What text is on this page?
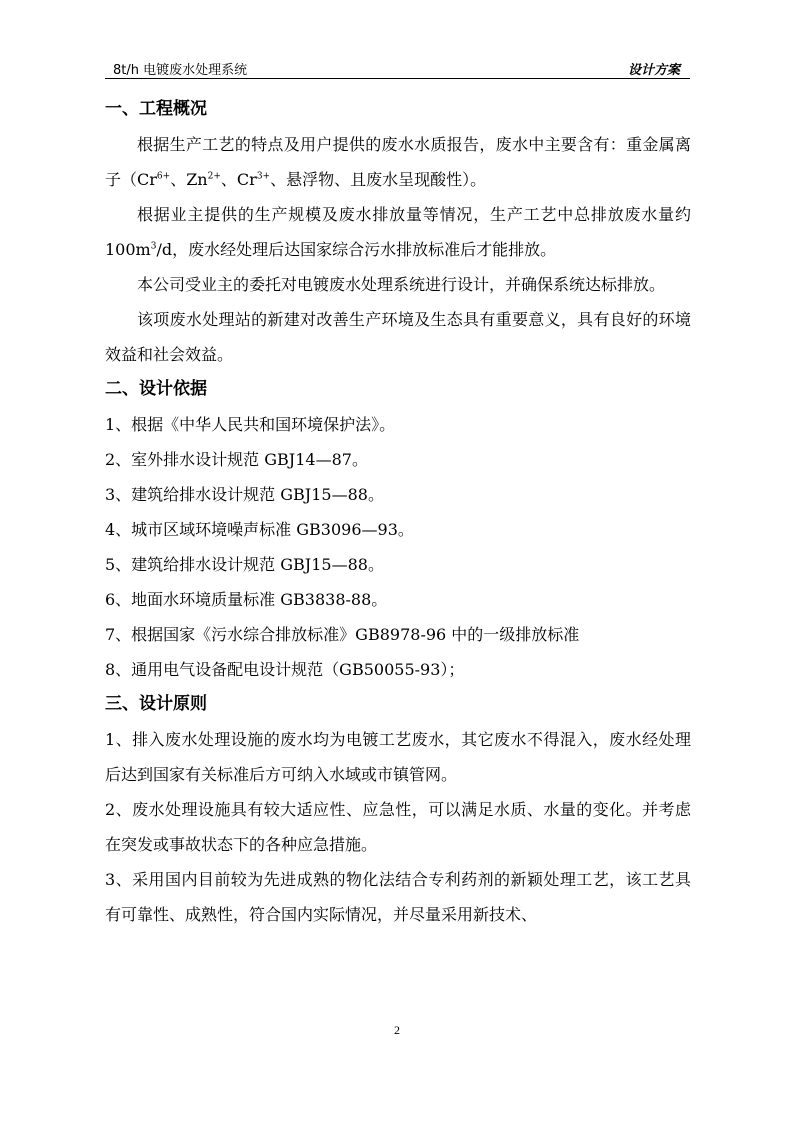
8t/h 电镀废水处理系统	设计方案
一、工程概况

根据生产工艺的特点及用户提供的废水水质报告，废水中主要含有：重金属离子（$Cr^{6+}$、$Zn^{2+}$、$Cr^{3+}$、悬浮物、且废水呈现酸性）。

根据业主提供的生产规模及废水排放量等情况，生产工艺中总排放废水量约$100m^3/d$，废水经处理后达国家综合污水排放标准后才能排放。

本公司受业主的委托对电镀废水处理系统进行设计，并确保系统达标排放。

该项废水处理站的新建对改善生产环境及生态具有重要意义，具有良好的环境效益和社会效益。

二、设计依据

1、根据《中华人民共和国环境保护法》。

2、室外排水设计规范 GBJ14—87。

3、建筑给排水设计规范 GBJ15—88。

4、城市区域环境噪声标准 GB3096—93。

5、建筑给排水设计规范 GBJ15—88。

6、地面水环境质量标准 GB3838-88。

7、根据国家《污水综合排放标准》GB8978-96 中的一级排放标准

8、通用电气设备配电设计规范（GB50055-93）；

三、设计原则

1、排入废水处理设施的废水均为电镀工艺废水，其它废水不得混入，废水经处理后达到国家有关标准后方可纳入水域或市镇管网。

2、废水处理设施具有较大适应性、应急性，可以满足水质、水量的变化。并考虑在突发或事故状态下的各种应急措施。

3、采用国内目前较为先进成熟的物化法结合专利药剂的新颖处理工艺，该工艺具有可靠性、成熟性，符合国内实际情况，并尽量采用新技术、

2
